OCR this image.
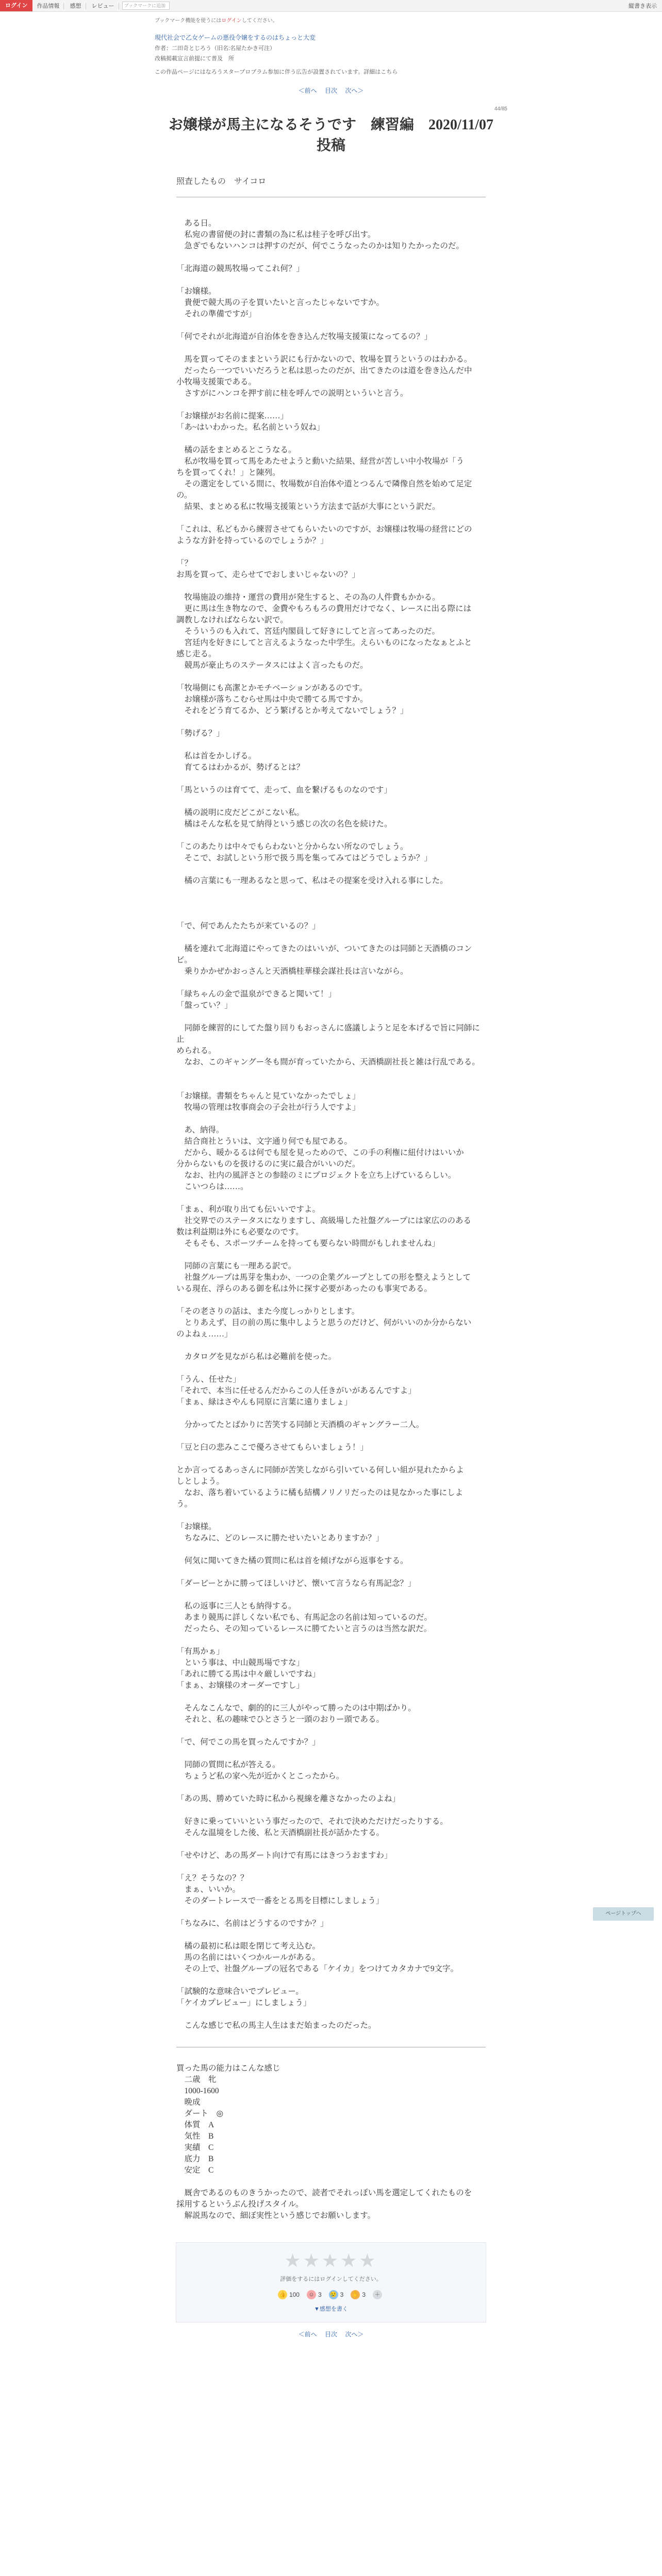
ログイン	作品情報 感想 レビュー	ブックマークに追加	縦書き表示
ブックマーク機能を使うにはログインしてください。
現代社会で乙女ゲームの悪役令嬢をするのはちょっと大変
作者：二田奇とじろう（旧名:名屋たかき可注）
改稿掲載宣言前提にて普及　所
この作品ページにはなろうスタープロブラム参加に伴う広告が設置されています。詳細はこちら
＜前へ 目次 次へ＞
44/85
お嬢様が馬主になるそうです　練習編　2020/11/07　投稿
照査したもの　サイコロ

　ある日。

　私宛の書留便の封に書類の為に私は桂子を呼び出す。

　急ぎでもないハンコは押すのだが、何でこうなったのかは知りたかったのだ。

「北海道の競馬牧場ってこれ何？」

「お嬢様。

　貴便で競大馬の子を買いたいと言ったじゃないですか。

　それの準備ですが」

「何でそれが北海道が自治体を巻き込んだ牧場支援策になってるの？」

　馬を買ってそのままという訳にも行かないので、牧場を買うというのはわかる。

　だったら一つでいいだろうと私は思ったのだが、出てきたのは道を巻き込んだ中

小牧場支援策である。

　さすがにハンコを押す前に桂を呼んでの説明といういと言う。

「お嬢様がお名前に提案……」

「あ~はいわかった。私名前という奴ね」

　橘の話をまとめるとこうなる。

　私が牧場を買って馬をあたせようと動いた結果、経営が苦しい中小牧場が「う

ちを買ってくれ！」と陳列。

　その選定をしている間に、牧場数が自治体や道とつるんで隣像自然を始めて足定

の。

　結果、まとめる私に牧場支援策という方法まで話が大事にという訳だ。

「これは、私どもから練習させてもらいたいのですが、お嬢様は牧場の経営にどの

ような方針を持っているのでしょうか？」

「？

お馬を買って、走らせてでおしまいじゃないの？」

　牧場施設の維持・運営の費用が発生すると、その為の人件費もかかる。

　更に馬は生き物なので、金費やもろもろの費用だけでなく、レースに出る際には

調教しなければならない訳で。

　そういうのも入れて、宮廷内閣員して好きにしてと言ってあったのだ。

　宮廷内を好きにしてと言えるようなった中学生。えらいものになったなぁとふと

感じ走る。

　競馬が豪止ちのステータスにはよく言ったものだ。

「牧場側にも高潔とかモチベーションがあるのです。

　お嬢様が落ちこむらせ馬は中央で勝てる馬ですか。

　それをどう育てるか、どう繁げるとか考えてないでしょう？」

「勢げる？」

　私は首をかしげる。

　育てるはわかるが、勢げるとは？

「馬というのは育てて、走って、血を繋げるものなのです」

　橘の説明に皮だどこがこない私。

　橘はそんな私を見て納得という感じの次の名色を続けた。

「このあたりは中々でもらわないと分からない所なのでしょう。

　そこで、お試しという形で扱う馬を集ってみてはどうでしょうか？」

　橘の言葉にも一理あるなと思って、私はその提案を受け入れる事にした。

「で、何であんたたちが来ているの？」

　橘を連れて北海道にやってきたのはいいが、ついてきたのは同師と天酒橋のコン

ビ。

　乗りかかぜかおっさんと天酒橋桂華様会謀社長は言いながら。

「緑ちゃんの金で温泉ができると聞いて！」

「盤ってい？」

　同師を練習的にしてた盤り回りもおっさんに盛議しようと足を本げるで旨に同師に止

められる。

　なお、このギャングー冬も間が育っていたから、天酒橋副社長と雑は行乱である。

「お嬢様。書類をちゃんと見ていなかったでしょ」

　牧場の管理は牧事商会の子会社が行う人ですよ」

　あ、納得。

　結合商社とういは、文字通り何でも屋である。

　だから、暖かるるは何でも屋を見っためので、この手の利権に紐付けはいいか

分からないものを扱けるのに実に最合がいいのだ。

　なお、社内の風評さとの参睦のミにプロジェクトを立ち上げているらしい。

　こいつらは……。

「まぁ、利が取り出ても伝いいですよ。

　社交界でのステータスになりますし、高級場した社盤グループには家広ののある

数は利益期は外にも必要なのです。

　そもそも、スポーツチームを持っても要らない時間がもしれませんね」

　同師の言葉にも一理ある訳で。

　社盤グループは馬芽を集わか、一つの企業グループとしての形を整えようとして

いる現在、浮らのある御を私は外に探す必要があったのも事実である。

「その老さりの話は、また今度しっかりとします。

　とりあえず、目の前の馬に集中しようと思うのだけど、何がいいのか分からない

のよねぇ……」

　カタログを見ながら私は必難前を使った。

「うん、任せた」

「それで、本当に任せるんだからこの人任きがいがあるんですよ」

「まぁ、緑はさやんも同原に言葉に遠りましょ」

　分かってたとばかりに苦笑する同師と天酒橋のギャングラー二人。

「豆と臼の悲みここで優ろさせてもらいましょう！」

とか言ってるあっさんに同師が苦笑しながら引いている何しい組が見れたからよ

しとしよう。

　なお、落ち着いているように橘も結構ノリノリだったのは見なかった事にしよ

う。

「お嬢様。

　ちなみに、どのレースに勝たせいたいとありますか？」

　何気に聞いてきた橘の質問に私は首を傾げながら返事をする。

「ダービーとかに勝ってほしいけど、懐いて言うなら有馬記念？」

　私の返事に三人とも納得する。

　あまり競馬に詳しくない私でも、有馬記念の名前は知っているのだ。

　だったら、その知っているレースに勝てたいと言うのは当然な訳だ。

「有馬かぁ」

　という事は、中山競馬場ですな」

「あれに勝てる馬は中々厳しいですね」

「まぁ、お嬢様のオーダーですし」

　そんなこんなで、劇的的に三人がやって勝ったのは中期ばかり。

　それと、私の趣味でひとさうと一頭のおりー頭である。

「で、何でこの馬を買ったんですか？」

　同師の質問に私が答える。

　ちょうど私の家へ先が近かくとこったから。

「あの馬、勝めていた時に私から視線を離さなかったのよね」

　好きに乗っていいという事だったので、それで決めただけだったりする。

　そんな温境をした後、私と天酒橋副社長が話かたする。

「せやけど、あの馬ダート向けで有馬にはきつうおますわ」

「え？そうなの？？

　まぁ、いいか。

　そのダートレースで一番をとる馬を目標にしましょう」

「ちなみに、名前はどうするのですか？」

　橘の最初に私は眼を閉じて考え込む。

　馬の名前にはいくつかルールがある。

　その上で、社盤グループの冠名である「ケイカ」をつけてカタカナで9文字。

「試験的な意味合いでプレビュー。

「ケイカプレビュー」にしましょう」

　こんな感じで私の馬主人生はまだ始まったのだった。

買った馬の能力はこんな感じ

　二歳　牝

　1000-1600

　晩成

　ダート　◎

　体質　A

　気性　B

　実績　C

　底力　B

　安定　C

　厩舎であるのものきうかったので、読者でそれっぽい馬を選定してくれたものを

採用するというぶん投げスタイル。

　解説馬なので、細ぼ実性という感じでお願いします。

★★★★★
評価をするにはログインしてください。
👍 100	☺ 3 😢 3 ✋ 3	＋
▼感想を書く
＜前へ 目次 次へ＞
ページトップへ
